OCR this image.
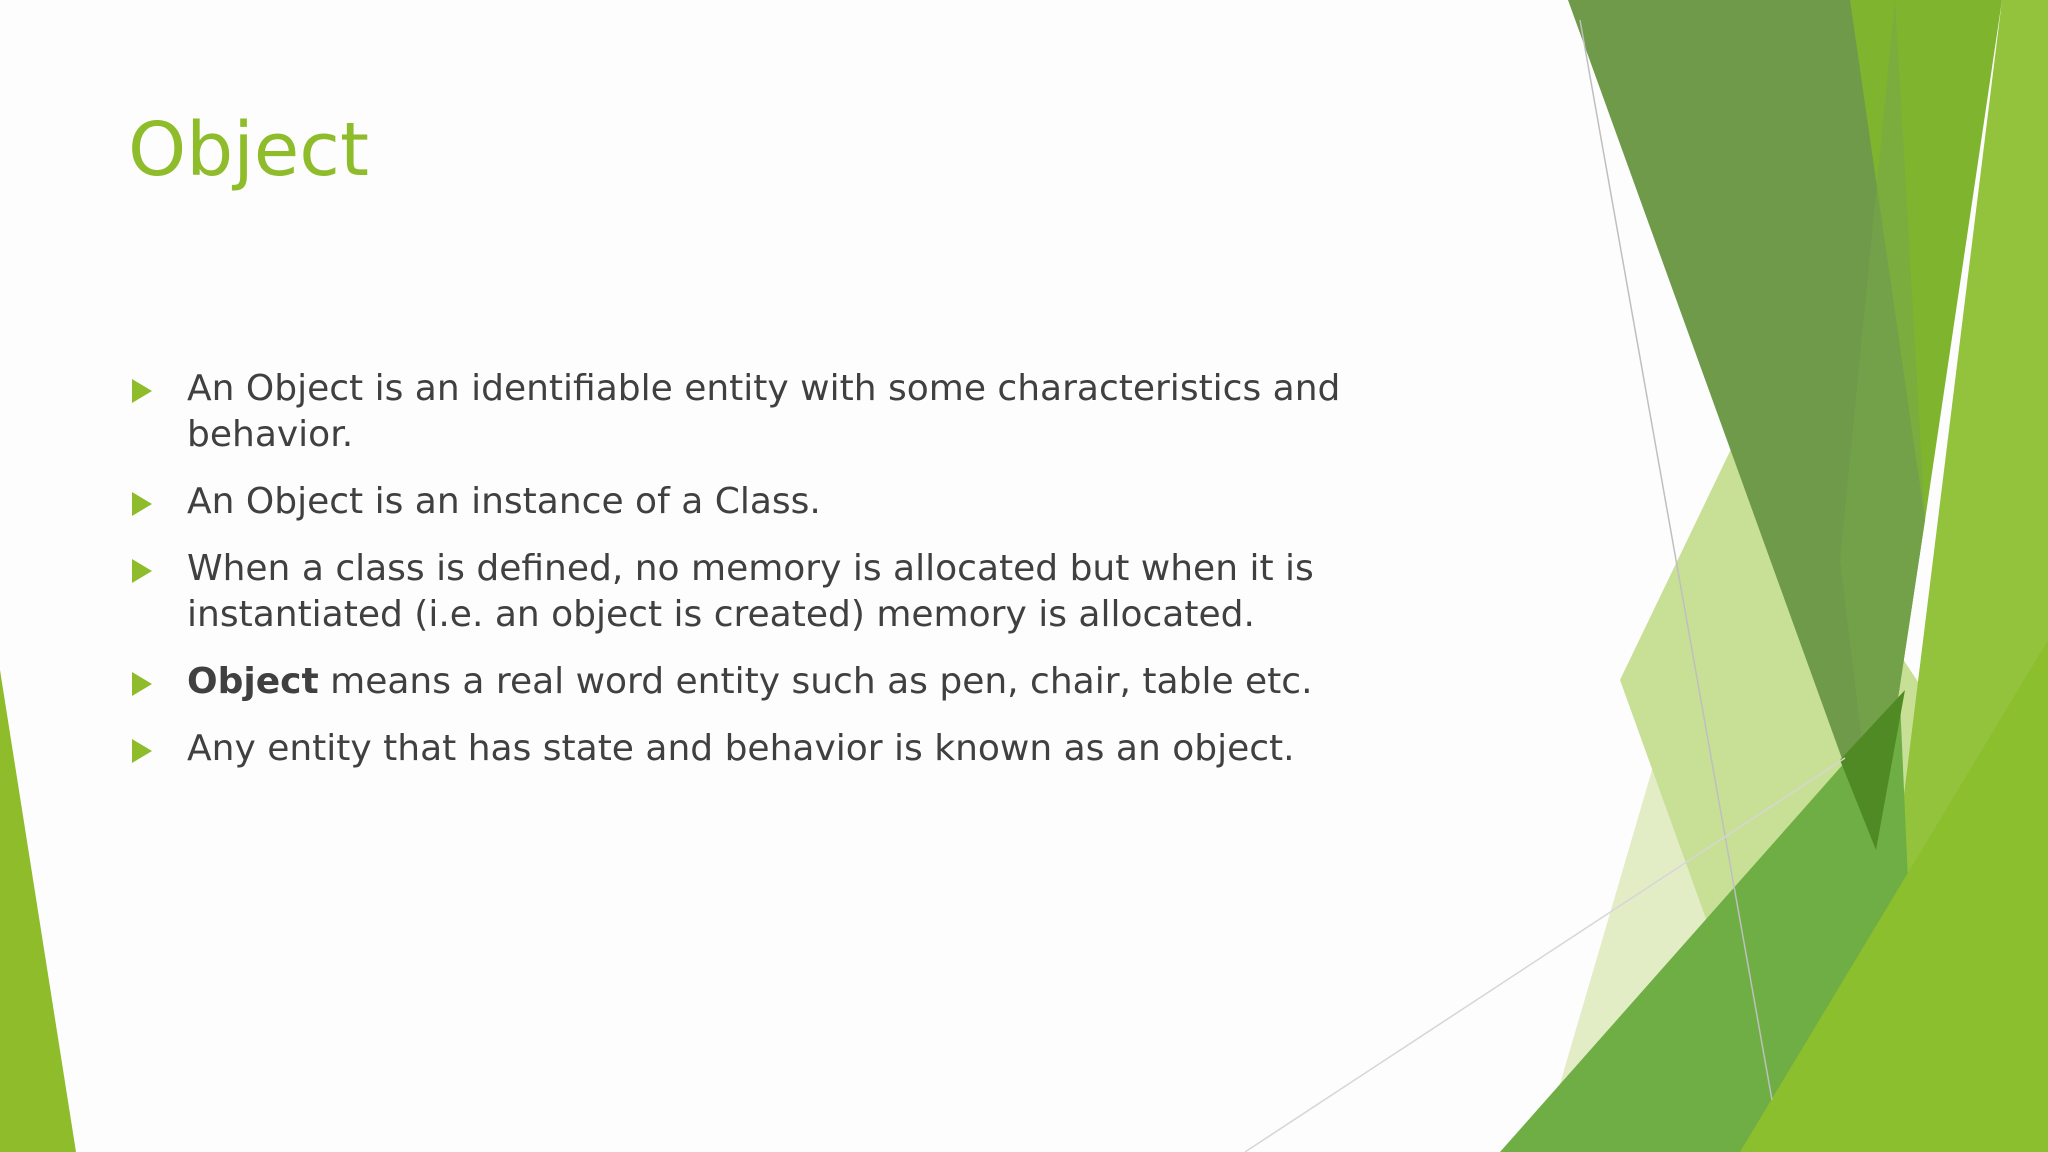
Object
An Object is an identifiable entity with some characteristics and behavior.
An Object is an instance of a Class.
When a class is defined, no memory is allocated but when it is instantiated (i.e. an object is created) memory is allocated.
Object means a real word entity such as pen, chair, table etc.
Any entity that has state and behavior is known as an object.
